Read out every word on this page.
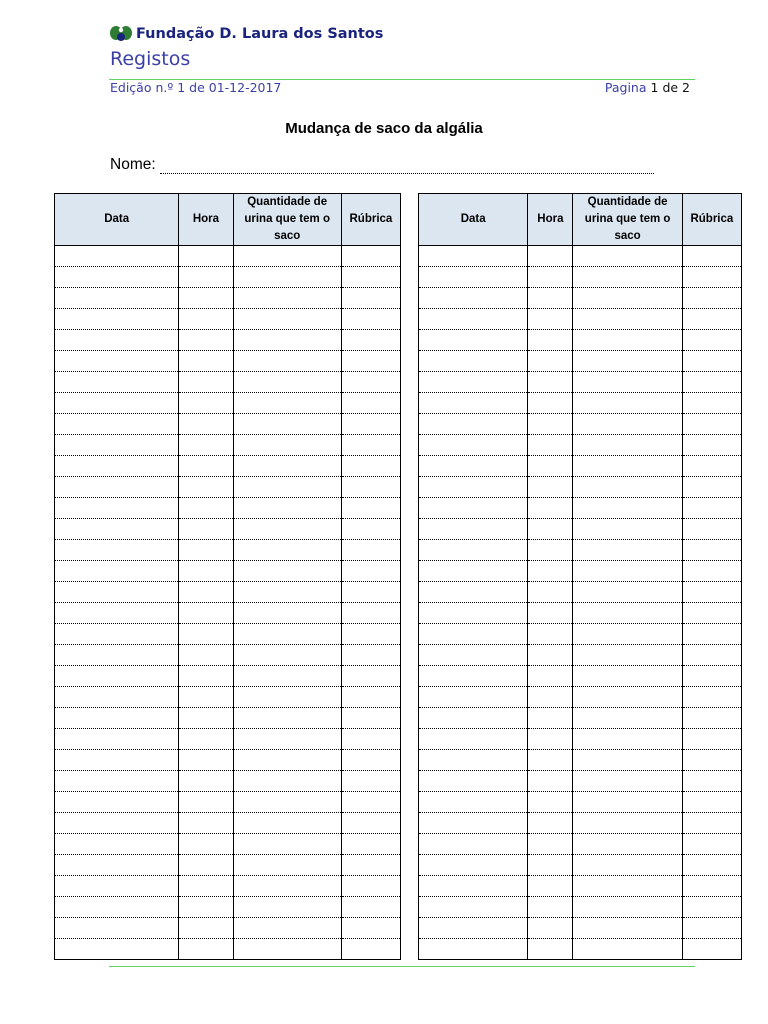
Fundação D. Laura dos Santos
Registos
Edição n.º 1 de 01-12-2017	Pagina 1 de 2
Mudança de saco da algália
Nome:
Data	Hora	Quantidade de urina que tem o saco	Rúbrica

				Data	Hora	Quantidade de urina que tem o saco	Rúbrica
